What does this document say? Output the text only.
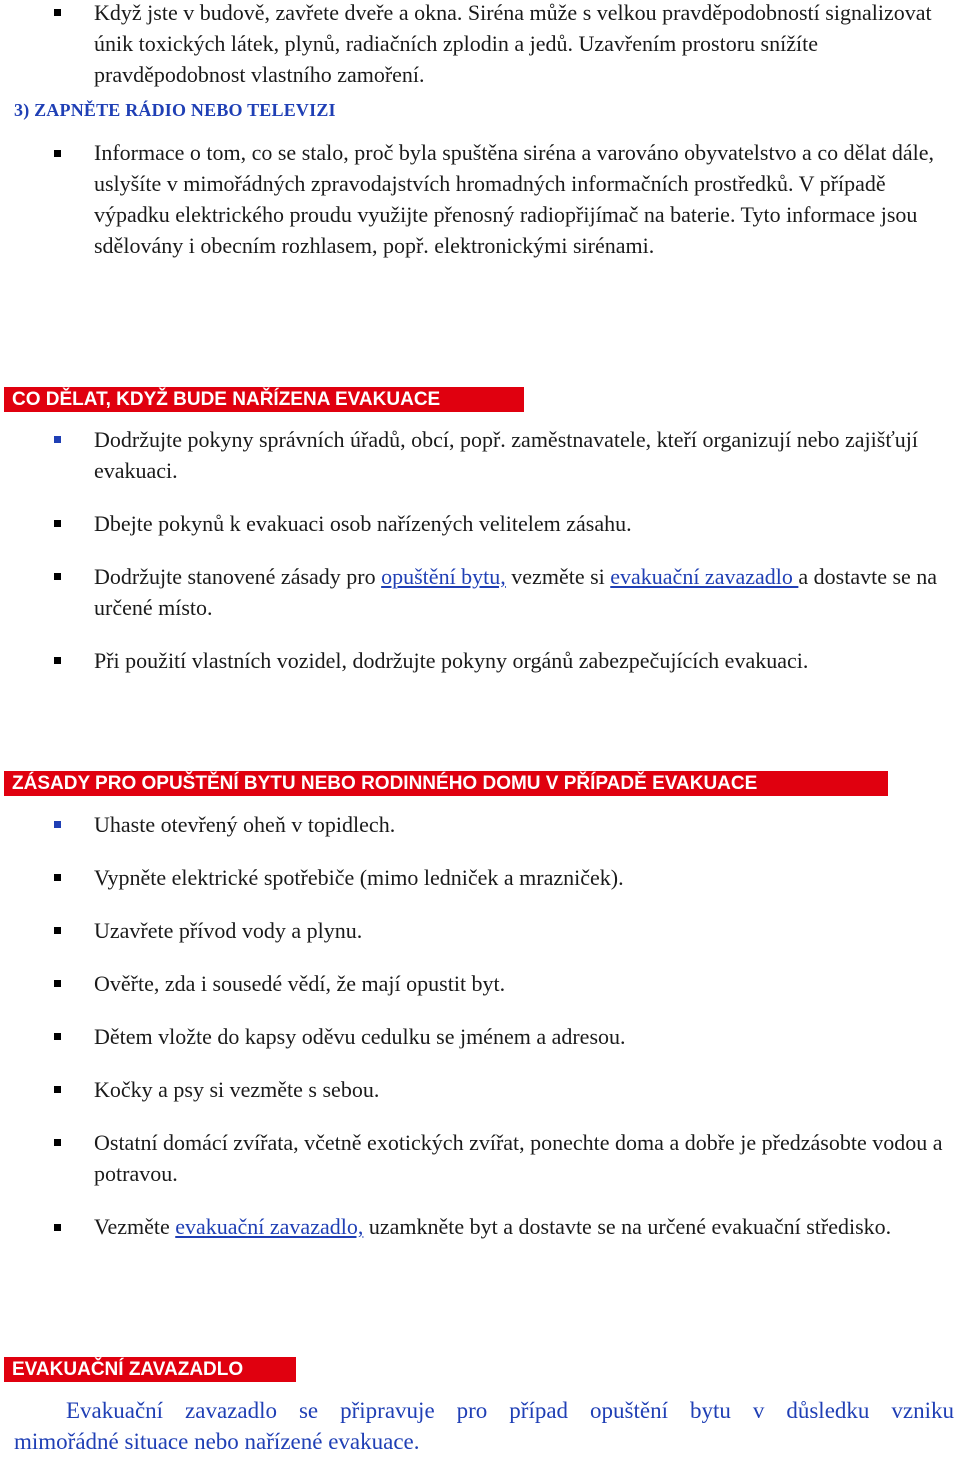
Když jste v budově, zavřete dveře a okna. Siréna může s velkou pravděpodobností signalizovat únik toxických látek, plynů, radiačních zplodin a jedů. Uzavřením prostoru snížíte pravděpodobnost vlastního zamoření.
3) ZAPNĚTE RÁDIO NEBO TELEVIZI
Informace o tom, co se stalo, proč byla spuštěna siréna a varováno obyvatelstvo a co dělat dále, uslyšíte v mimořádných zpravodajstvích hromadných informačních prostředků. V případě výpadku elektrického proudu využijte přenosný radiopřijímač na baterie. Tyto informace jsou sdělovány i obecním rozhlasem, popř. elektronickými sirénami.
CO DĚLAT, KDYŽ BUDE NAŘÍZENA EVAKUACE
Dodržujte pokyny správních úřadů, obcí, popř. zaměstnavatele, kteří organizují nebo zajišťují evakuaci.
Dbejte pokynů k evakuaci osob nařízených velitelem zásahu.
Dodržujte stanovené zásady pro opuštění bytu, vezměte si evakuační zavazadlo a dostavte se na určené místo.
Při použití vlastních vozidel, dodržujte pokyny orgánů zabezpečujících evakuaci.
ZÁSADY PRO OPUŠTĚNÍ BYTU NEBO RODINNÉHO DOMU V PŘÍPADĚ EVAKUACE
Uhaste otevřený oheň v topidlech.
Vypněte elektrické spotřebiče (mimo ledniček a mrazniček).
Uzavřete přívod vody a plynu.
Ověřte, zda i sousedé vědí, že mají opustit byt.
Dětem vložte do kapsy oděvu cedulku se jménem a adresou.
Kočky a psy si vezměte s sebou.
Ostatní domácí zvířata, včetně exotických zvířat, ponechte doma a dobře je předzásobte vodou a potravou.
Vezměte evakuační zavazadlo, uzamkněte byt a dostavte se na určené evakuační středisko.
EVAKUAČNÍ ZAVAZADLO
Evakuační zavazadlo se připravuje pro případ opuštění bytu v důsledku vzniku
mimořádné situace nebo nařízené evakuace.
